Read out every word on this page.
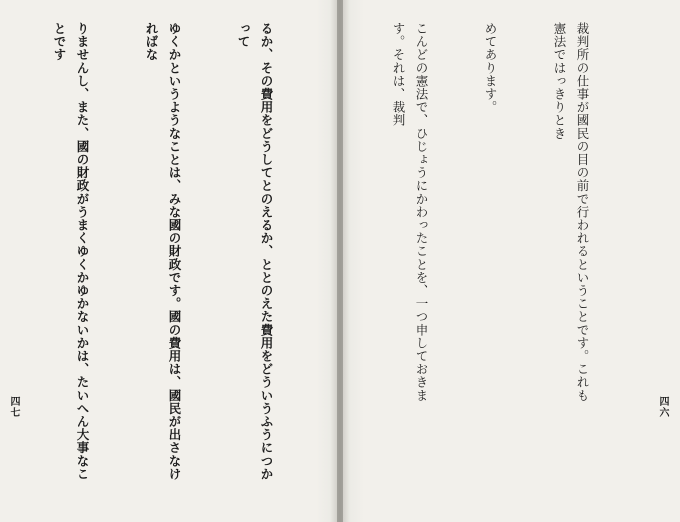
るか、その費用をどうしてとのえるか、ととのえた費用をどういうふうにつかって

ゆくかというようなことは、みな國の財政です。國の費用は、國民が出さなければな

りませんし、また、國の財政がうまくゆくかゆかないかは、たいへん大事なことです

四七

裁判所の仕事が國民の目の前で行われるということです。これも憲法ではっきりとき

めてあります。

こんどの憲法で、ひじょうにかわったことを、一つ申しておきます。それは、裁判

四六
